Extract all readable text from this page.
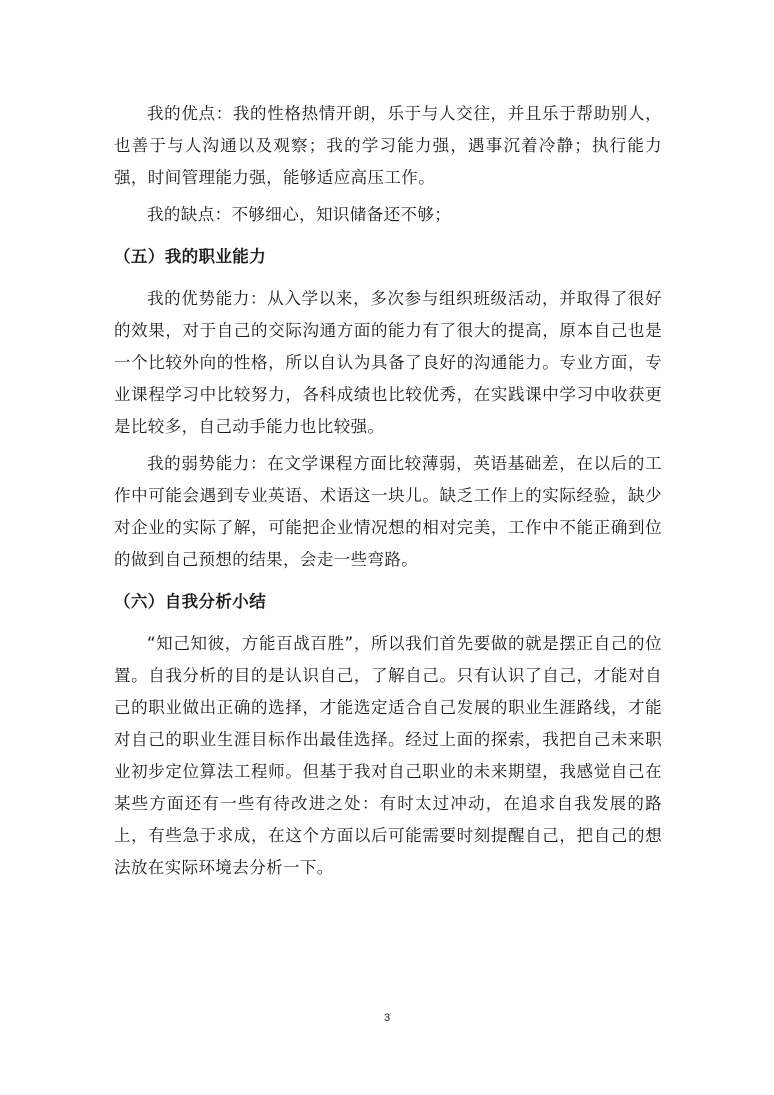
我的优点：我的性格热情开朗，乐于与人交往，并且乐于帮助别人，也善于与人沟通以及观察；我的学习能力强，遇事沉着冷静；执行能力强，时间管理能力强，能够适应高压工作。

我的缺点：不够细心，知识储备还不够；

（五）我的职业能力

我的优势能力：从入学以来，多次参与组织班级活动，并取得了很好的效果，对于自己的交际沟通方面的能力有了很大的提高，原本自己也是一个比较外向的性格，所以自认为具备了良好的沟通能力。专业方面，专业课程学习中比较努力，各科成绩也比较优秀，在实践课中学习中收获更是比较多，自己动手能力也比较强。

我的弱势能力：在文学课程方面比较薄弱，英语基础差，在以后的工作中可能会遇到专业英语、术语这一块儿。缺乏工作上的实际经验，缺少对企业的实际了解，可能把企业情况想的相对完美，工作中不能正确到位的做到自己预想的结果，会走一些弯路。

（六）自我分析小结

“知己知彼，方能百战百胜”，所以我们首先要做的就是摆正自己的位置。自我分析的目的是认识自己，了解自己。只有认识了自己，才能对自己的职业做出正确的选择，才能选定适合自己发展的职业生涯路线，才能对自己的职业生涯目标作出最佳选择。经过上面的探索，我把自己未来职业初步定位算法工程师。但基于我对自己职业的未来期望，我感觉自己在某些方面还有一些有待改进之处：有时太过冲动，在追求自我发展的路上，有些急于求成，在这个方面以后可能需要时刻提醒自己，把自己的想法放在实际环境去分析一下。

3
